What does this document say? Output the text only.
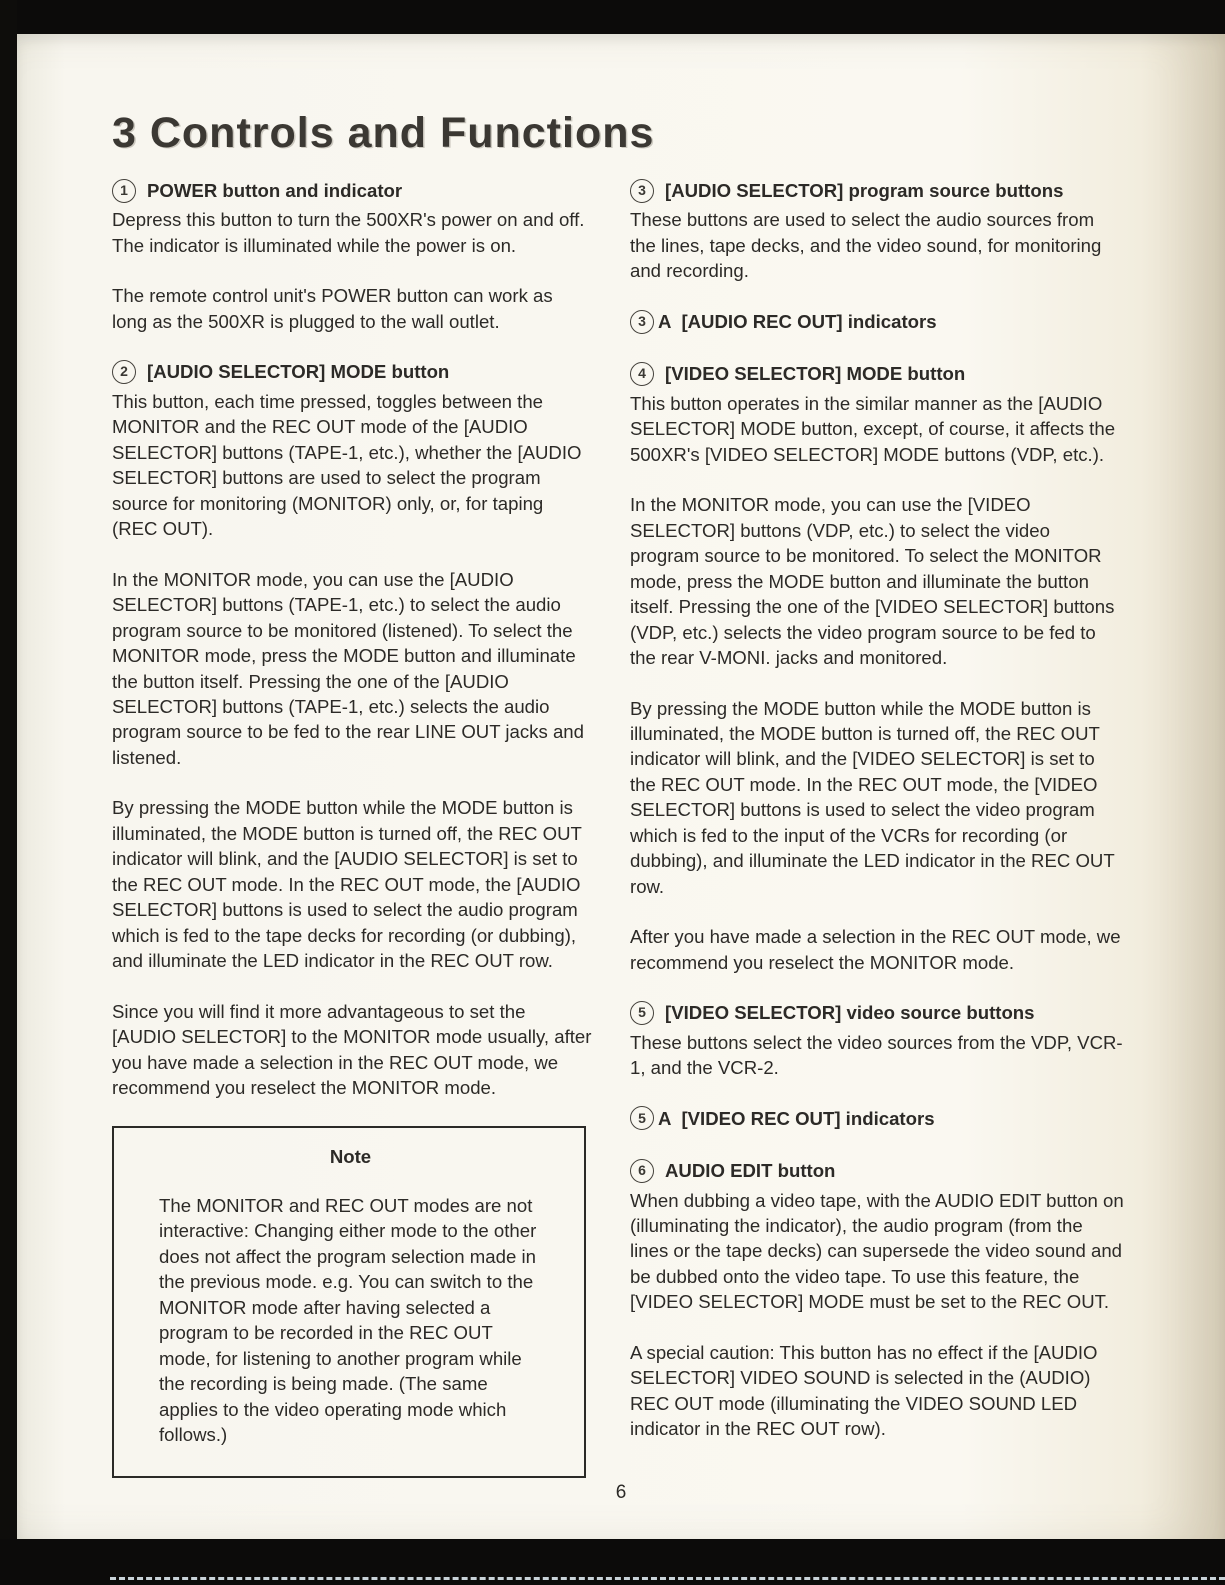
3 Controls and Functions
1	POWER button and indicator

Depress this button to turn the 500XR's power on and off. The indicator is illuminated while the power is on.

The remote control unit's POWER button can work as long as the 500XR is plugged to the wall outlet.

2	[AUDIO SELECTOR] MODE button

This button, each time pressed, toggles between the MONITOR and the REC OUT mode of the [AUDIO SELECTOR] buttons (TAPE-1, etc.), whether the [AUDIO SELECTOR] buttons are used to select the program source for monitoring (MONITOR) only, or, for taping (REC OUT).

In the MONITOR mode, you can use the [AUDIO SELECTOR] buttons (TAPE-1, etc.) to select the audio program source to be monitored (listened). To select the MONITOR mode, press the MODE button and illuminate the button itself. Pressing the one of the [AUDIO SELECTOR] buttons (TAPE-1, etc.) selects the audio program source to be fed to the rear LINE OUT jacks and listened.

By pressing the MODE button while the MODE button is illuminated, the MODE button is turned off, the REC OUT indicator will blink, and the [AUDIO SELECTOR] is set to the REC OUT mode. In the REC OUT mode, the [AUDIO SELECTOR] buttons is used to select the audio program which is fed to the tape decks for recording (or dubbing), and illuminate the LED indicator in the REC OUT row.

Since you will find it more advantageous to set the [AUDIO SELECTOR] to the MONITOR mode usually, after you have made a selection in the REC OUT mode, we recommend you reselect the MONITOR mode.

Note

The MONITOR and REC OUT modes are not interactive: Changing either mode to the other does not affect the program selection made in the previous mode. e.g. You can switch to the MONITOR mode after having selected a program to be recorded in the REC OUT mode, for listening to another program while the recording is being made. (The same applies to the video operating mode which follows.)

3	[AUDIO SELECTOR] program source buttons

These buttons are used to select the audio sources from the lines, tape decks, and the video sound, for monitoring and recording.

3 A [AUDIO REC OUT] indicators
4	[VIDEO SELECTOR] MODE button

This button operates in the similar manner as the [AUDIO SELECTOR] MODE button, except, of course, it affects the 500XR's [VIDEO SELECTOR] MODE buttons (VDP, etc.).

In the MONITOR mode, you can use the [VIDEO SELECTOR] buttons (VDP, etc.) to select the video program source to be monitored. To select the MONITOR mode, press the MODE button and illuminate the button itself. Pressing the one of the [VIDEO SELECTOR] buttons (VDP, etc.) selects the video program source to be fed to the rear V-MONI. jacks and monitored.

By pressing the MODE button while the MODE button is illuminated, the MODE button is turned off, the REC OUT indicator will blink, and the [VIDEO SELECTOR] is set to the REC OUT mode. In the REC OUT mode, the [VIDEO SELECTOR] buttons is used to select the video program which is fed to the input of the VCRs for recording (or dubbing), and illuminate the LED indicator in the REC OUT row.

After you have made a selection in the REC OUT mode, we recommend you reselect the MONITOR mode.

5	[VIDEO SELECTOR] video source buttons

These buttons select the video sources from the VDP, VCR-1, and the VCR-2.

5 A [VIDEO REC OUT] indicators
6	AUDIO EDIT button

When dubbing a video tape, with the AUDIO EDIT button on (illuminating the indicator), the audio program (from the lines or the tape decks) can supersede the video sound and be dubbed onto the video tape. To use this feature, the [VIDEO SELECTOR] MODE must be set to the REC OUT.

A special caution: This button has no effect if the [AUDIO SELECTOR] VIDEO SOUND is selected in the (AUDIO) REC OUT mode (illuminating the VIDEO SOUND LED indicator in the REC OUT row).

6
